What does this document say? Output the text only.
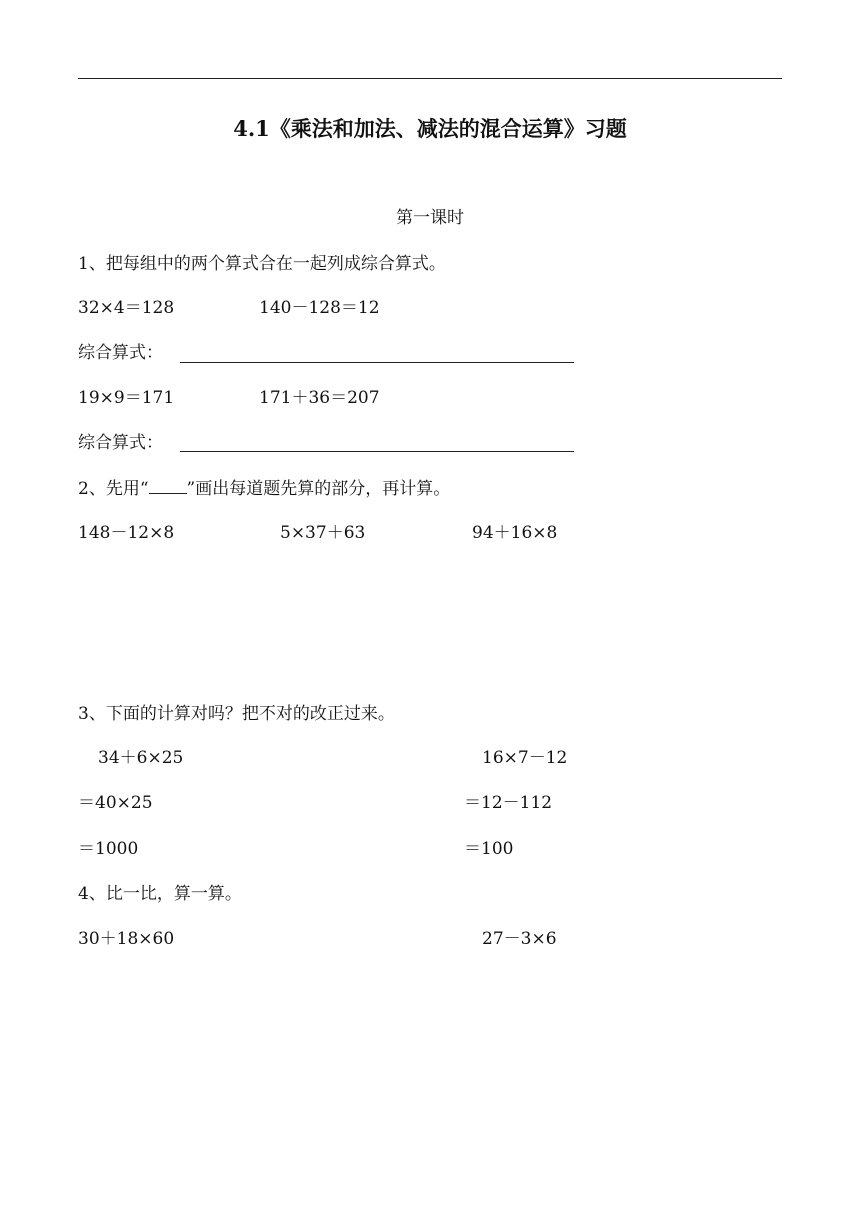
4.1《乘法和加法、减法的混合运算》习题
第一课时
1、把每组中的两个算式合在一起列成综合算式。
32×4＝128	140－128＝12
综合算式：
19×9＝171	171＋36＝207
综合算式：
2、先用“ ”画出每道题先算的部分，再计算。
148－12×8	5×37＋63	94＋16×8
3、下面的计算对吗？把不对的改正过来。
34＋6×25
＝40×25
＝1000
16×7－12
＝12－112
＝100
4、比一比，算一算。
30＋18×60	27－3×6
